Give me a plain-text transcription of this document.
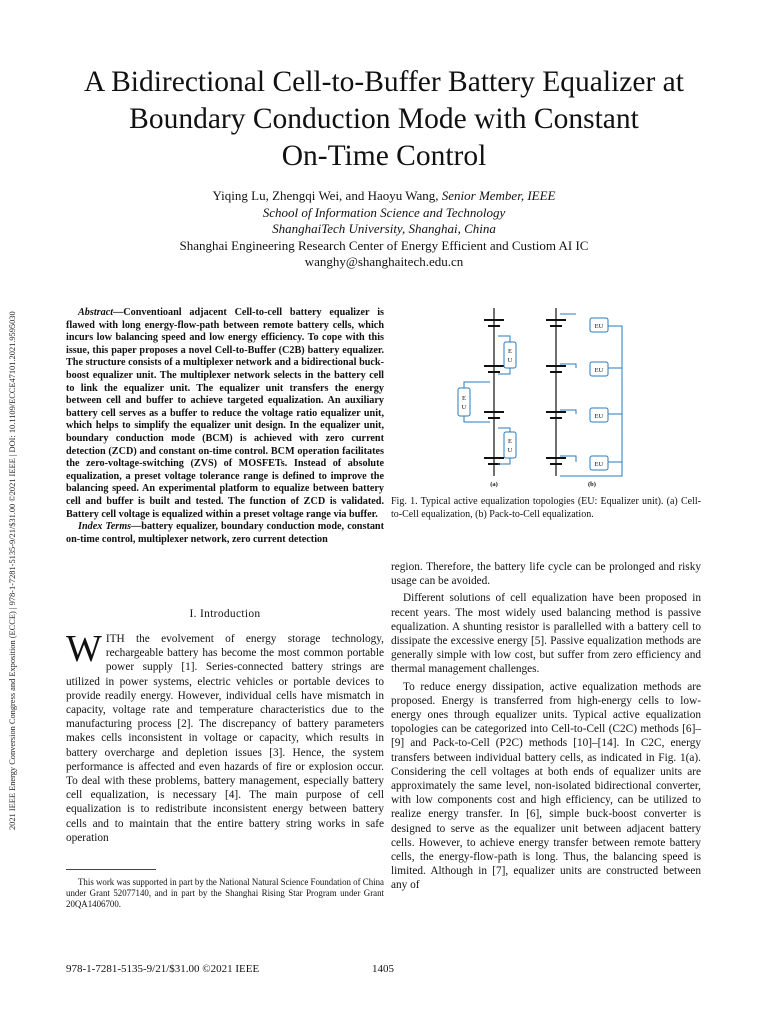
2021 IEEE Energy Conversion Congress and Exposition (ECCE) | 978-1-7281-5135-9/21/$31.00 ©2021 IEEE | DOI: 10.1109/ECCE47101.2021.9595030
A Bidirectional Cell-to-Buffer Battery Equalizer at
Boundary Conduction Mode with Constant
On-Time Control
Yiqing Lu, Zhengqi Wei, and Haoyu Wang, Senior Member, IEEE
School of Information Science and Technology
ShanghaiTech University, Shanghai, China
Shanghai Engineering Research Center of Energy Efficient and Custiom AI IC
wanghy@shanghaitech.edu.cn

Abstract—Conventioanl adjacent Cell-to-cell battery equalizer is flawed with long energy-flow-path between remote battery cells, which incurs low balancing speed and low energy efficiency. To cope with this issue, this paper proposes a novel Cell-to-Buffer (C2B) battery equalizer. The structure consists of a multiplexer network and a bidirectional buck-boost equalizer unit. The multiplexer network selects in the battery cell to link the equalizer unit. The equalizer unit transfers the energy between cell and buffer to achieve targeted equalization. An auxiliary battery cell serves as a buffer to reduce the voltage ratio equalizer unit, which helps to simplify the equalizer unit design. In the equalizer unit, boundary conduction mode (BCM) is achieved with zero current detection (ZCD) and constant on-time control. BCM operation facilitates the zero-voltage-switching (ZVS) of MOSFETs. Instead of absolute equalization, a preset voltage tolerance range is defined to improve the balancing speed. An experimental platform to equalize between battery cell and buffer is built and tested. The function of ZCD is validated. Battery cell voltage is equalized within a preset voltage range via buffer.

Index Terms—battery equalizer, boundary conduction mode, constant on-time control, multiplexer network, zero current detection

I. Introduction

WITH the evolvement of energy storage technology, rechargeable battery has become the most common portable power supply [1]. Series-connected battery strings are utilized in power systems, electric vehicles or portable devices to provide readily energy. However, individual cells have mismatch in capacity, voltage rate and temperature characteristics due to the manufacturing process [2]. The discrepancy of battery parameters makes cells inconsistent in voltage or capacity, which results in battery overcharge and depletion issues [3]. Hence, the system performance is affected and even hazards of fire or explosion occur. To deal with these problems, battery management, especially battery cell equalization, is necessary [4]. The main purpose of cell equalization is to redistribute inconsistent energy between battery cells and to maintain that the entire battery string works in safe operation

This work was supported in part by the National Natural Science Foundation of China under Grant 52077140, and in part by the Shanghai Rising Star Program under Grant 20QA1406700.
E
U
E
U
E
U
EU
EU
EU
EU
(a)	(b)
Fig. 1. Typical active equalization topologies (EU: Equalizer unit). (a) Cell-to-Cell equalization, (b) Pack-to-Cell equalization.

region. Therefore, the battery life cycle can be prolonged and risky usage can be avoided.

Different solutions of cell equalization have been proposed in recent years. The most widely used balancing method is passive equalization. A shunting resistor is parallelled with a battery cell to dissipate the excessive energy [5]. Passive equalization methods are generally simple with low cost, but suffer from zero efficiency and thermal management challenges.

To reduce energy dissipation, active equalization methods are proposed. Energy is transferred from high-energy cells to low-energy ones through equalizer units. Typical active equalization topologies can be categorized into Cell-to-Cell (C2C) methods [6]–[9] and Pack-to-Cell (P2C) methods [10]–[14]. In C2C, energy transfers between individual battery cells, as indicated in Fig. 1(a). Considering the cell voltages at both ends of equalizer units are approximately the same level, non-isolated bidirectional converter, with low components cost and high efficiency, can be utilized to realize energy transfer. In [6], simple buck-boost converter is designed to serve as the equalizer unit between adjacent battery cells. However, to achieve energy transfer between remote battery cells, the energy-flow-path is long. Thus, the balancing speed is limited. Although in [7], equalizer units are constructed between any of

978-1-7281-5135-9/21/$31.00 ©2021 IEEE	1405
